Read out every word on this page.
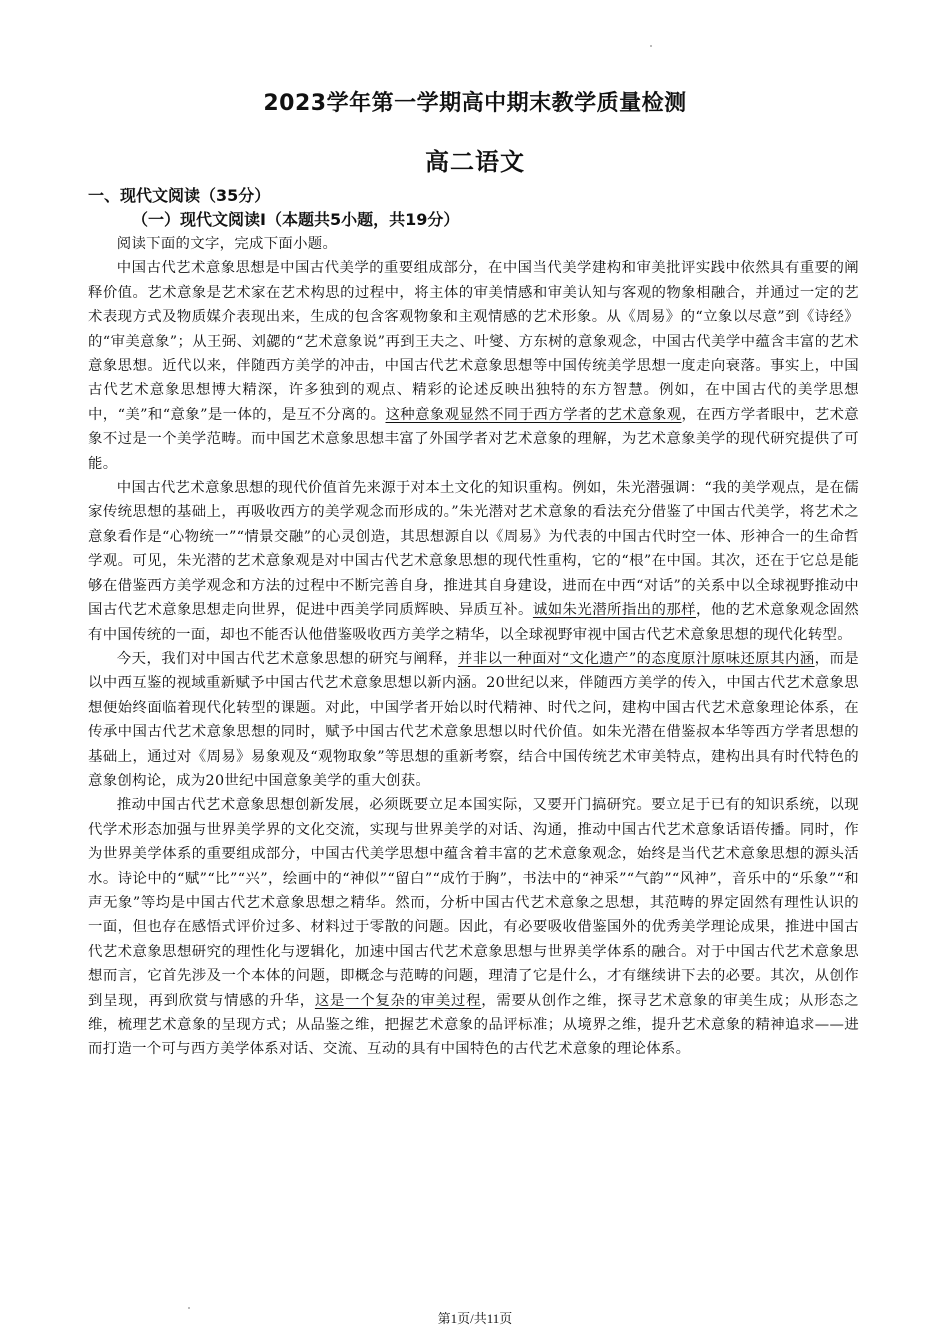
2023学年第一学期高中期末教学质量检测
高二语文
一、现代文阅读（35分）
（一）现代文阅读Ⅰ（本题共5小题，共19分）

阅读下面的文字，完成下面小题。

中国古代艺术意象思想是中国古代美学的重要组成部分，在中国当代美学建构和审美批评实践中依然具有重要的阐释价值。艺术意象是艺术家在艺术构思的过程中，将主体的审美情感和审美认知与客观的物象相融合，并通过一定的艺术表现方式及物质媒介表现出来，生成的包含客观物象和主观情感的艺术形象。从《周易》的“立象以尽意”到《诗经》的“审美意象”；从王弼、刘勰的“艺术意象说”再到王夫之、叶燮、方东树的意象观念，中国古代美学中蕴含丰富的艺术意象思想。近代以来，伴随西方美学的冲击，中国古代艺术意象思想等中国传统美学思想一度走向衰落。事实上，中国古代艺术意象思想博大精深，许多独到的观点、精彩的论述反映出独特的东方智慧。例如，在中国古代的美学思想中，“美”和“意象”是一体的，是互不分离的。这种意象观显然不同于西方学者的艺术意象观，在西方学者眼中，艺术意象不过是一个美学范畴。而中国艺术意象思想丰富了外国学者对艺术意象的理解，为艺术意象美学的现代研究提供了可能。

中国古代艺术意象思想的现代价值首先来源于对本土文化的知识重构。例如，朱光潜强调：“我的美学观点，是在儒家传统思想的基础上，再吸收西方的美学观念而形成的。”朱光潜对艺术意象的看法充分借鉴了中国古代美学，将艺术之意象看作是“心物统一”“情景交融”的心灵创造，其思想源自以《周易》为代表的中国古代时空一体、形神合一的生命哲学观。可见，朱光潜的艺术意象观是对中国古代艺术意象思想的现代性重构，它的“根”在中国。其次，还在于它总是能够在借鉴西方美学观念和方法的过程中不断完善自身，推进其自身建设，进而在中西“对话”的关系中以全球视野推动中国古代艺术意象思想走向世界，促进中西美学同质辉映、异质互补。诚如朱光潜所指出的那样，他的艺术意象观念固然有中国传统的一面，却也不能否认他借鉴吸收西方美学之精华，以全球视野审视中国古代艺术意象思想的现代化转型。

今天，我们对中国古代艺术意象思想的研究与阐释，并非以一种面对“文化遗产”的态度原汁原味还原其内涵，而是以中西互鉴的视域重新赋予中国古代艺术意象思想以新内涵。20世纪以来，伴随西方美学的传入，中国古代艺术意象思想便始终面临着现代化转型的课题。对此，中国学者开始以时代精神、时代之问，建构中国古代艺术意象理论体系，在传承中国古代艺术意象思想的同时，赋予中国古代艺术意象思想以时代价值。如朱光潜在借鉴叔本华等西方学者思想的基础上，通过对《周易》易象观及“观物取象”等思想的重新考察，结合中国传统艺术审美特点，建构出具有时代特色的意象创构论，成为20世纪中国意象美学的重大创获。

推动中国古代艺术意象思想创新发展，必须既要立足本国实际，又要开门搞研究。要立足于已有的知识系统，以现代学术形态加强与世界美学界的文化交流，实现与世界美学的对话、沟通，推动中国古代艺术意象话语传播。同时，作为世界美学体系的重要组成部分，中国古代美学思想中蕴含着丰富的艺术意象观念，始终是当代艺术意象思想的源头活水。诗论中的“赋”“比”“兴”，绘画中的“神似”“留白”“成竹于胸”，书法中的“神采”“气韵”“风神”，音乐中的“乐象”“和声无象”等均是中国古代艺术意象思想之精华。然而，分析中国古代艺术意象之思想，其范畴的界定固然有理性认识的一面，但也存在感悟式评价过多、材料过于零散的问题。因此，有必要吸收借鉴国外的优秀美学理论成果，推进中国古代艺术意象思想研究的理性化与逻辑化，加速中国古代艺术意象思想与世界美学体系的融合。对于中国古代艺术意象思想而言，它首先涉及一个本体的问题，即概念与范畴的问题，理清了它是什么，才有继续讲下去的必要。其次，从创作到呈现，再到欣赏与情感的升华，这是一个复杂的审美过程，需要从创作之维，探寻艺术意象的审美生成；从形态之维，梳理艺术意象的呈现方式；从品鉴之维，把握艺术意象的品评标准；从境界之维，提升艺术意象的精神追求——进而打造一个可与西方美学体系对话、交流、互动的具有中国特色的古代艺术意象的理论体系。

第1页/共11页
